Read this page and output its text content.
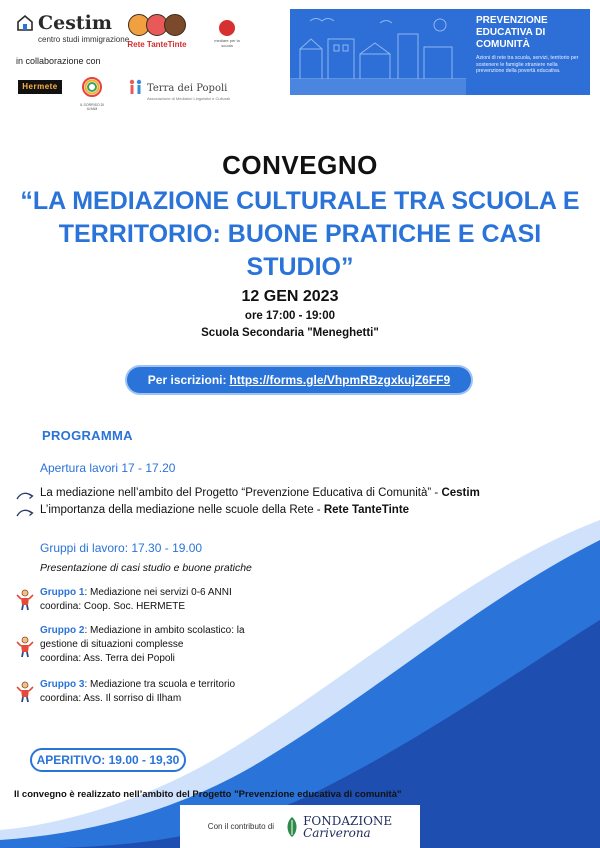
Cestim
centro studi immigrazione
Rete TanteTinte	mediare per la scuola
in collaborazione con
Hermete
IL SORRISO DI ILHAM
Terra dei Popoli
Associazione di Mediatori Linguistici e Culturali
PREVENZIONE EDUCATIVA DI COMUNITÀ
Azioni di rete tra scuola, servizi, territorio per sostenere le famiglie straniere nella prevenzione della povertà educativa.
CONVEGNO
“LA MEDIAZIONE CULTURALE TRA SCUOLA E TERRITORIO: BUONE PRATICHE E CASI STUDIO”
12 GEN 2023
ore 17:00 - 19:00
Scuola Secondaria "Meneghetti"
Per iscrizioni: https://forms.gle/VhpmRBzgxkujZ6FF9
PROGRAMMA
Apertura lavori 17 - 17.20
La mediazione nell’ambito del Progetto “Prevenzione Educativa di Comunità” - Cestim
L’importanza della mediazione nelle scuole della Rete - Rete TanteTinte
Gruppi di lavoro: 17.30 - 19.00
Presentazione di casi studio e buone pratiche
Gruppo 1: Mediazione nei servizi 0-6 ANNI
coordina: Coop. Soc. HERMETE
Gruppo 2: Mediazione in ambito scolastico: la
gestione di situazioni complesse
coordina: Ass. Terra dei Popoli
Gruppo 3: Mediazione tra scuola e territorio
coordina: Ass. Il sorriso di Ilham
APERITIVO: 19.00 - 19,30
Il convegno è realizzato nell’ambito del Progetto "Prevenzione educativa di comunità"
Con il contributo di FONDAZIONE
Cariverona
